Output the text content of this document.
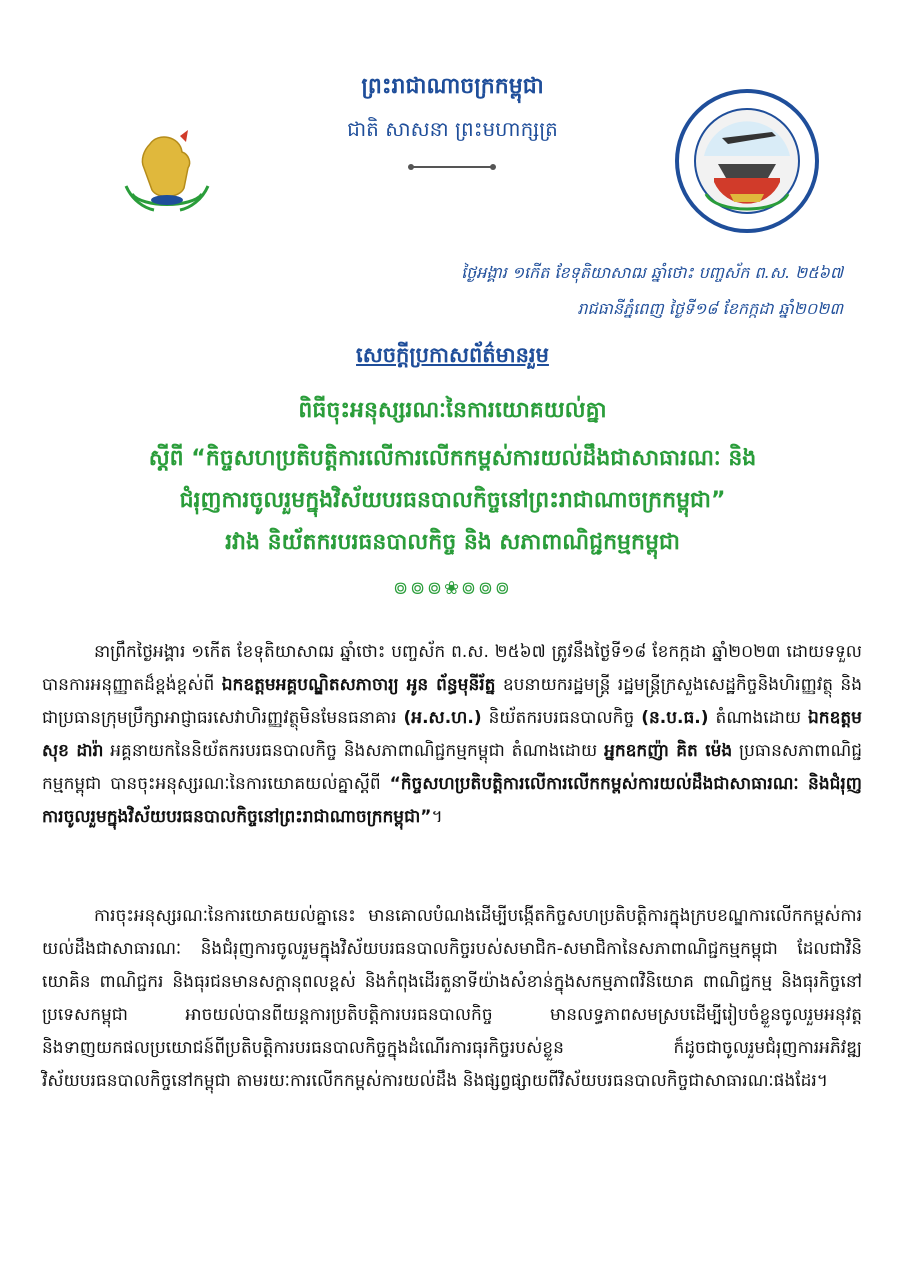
ព្រះរាជាណាចក្រកម្ពុជា
ជាតិ សាសនា ព្រះមហាក្សត្រ
ថ្ងៃអង្គារ ១កើត ខែទុតិយាសាឍ ឆ្នាំថោះ បញ្ចស័ក ព.ស. ២៥៦៧
រាជធានីភ្នំពេញ ថ្ងៃទី១៨ ខែកក្កដា ឆ្នាំ២០២៣
សេចក្តីប្រកាសព័ត៌មានរួម
ពិធីចុះអនុស្សរណៈនៃការយោគយល់គ្នា
ស្តីពី “កិច្ចសហប្រតិបត្តិការលើការលើកកម្ពស់ការយល់ដឹងជាសាធារណៈ និង
ជំរុញការចូលរួមក្នុងវិស័យបរធនបាលកិច្ចនៅព្រះរាជាណាចក្រកម្ពុជា”
រវាង និយ័តករបរធនបាលកិច្ច និង សភាពាណិជ្ជកម្មកម្ពុជា
៙៙៙❀៙៙៙
នាព្រឹកថ្ងៃអង្គារ ១កើត ខែទុតិយាសាឍ ឆ្នាំថោះ បញ្ចស័ក ព.ស. ២៥៦៧ ត្រូវនឹងថ្ងៃទី១៨ ខែកក្កដា ឆ្នាំ២០២៣ ដោយទទួលបានការអនុញ្ញាតដ៏ខ្ពង់ខ្ពស់ពី ឯកឧត្តមអគ្គបណ្ឌិតសភាចារ្យ អូន ព័ន្ធមុនីរ័ត្ន ឧបនាយករដ្ឋមន្ត្រី រដ្ឋមន្ត្រីក្រសួងសេដ្ឋកិច្ចនិងហិរញ្ញវត្ថុ និងជាប្រធានក្រុមប្រឹក្សាអាជ្ញាធរសេវាហិរញ្ញវត្ថុមិនមែនធនាគារ (អ.ស.ហ.) និយ័តករបរធនបាលកិច្ច (ន.ប.ធ.) តំណាងដោយ ឯកឧត្តម សុខ ដារ៉ា អគ្គនាយកនៃនិយ័តករបរធនបាលកិច្ច និងសភាពាណិជ្ជកម្មកម្ពុជា តំណាងដោយ អ្នកឧកញ៉ា គិត ម៉េង ប្រធានសភាពាណិជ្ជកម្មកម្ពុជា បានចុះអនុស្សរណៈនៃការយោគយល់គ្នាស្តីពី “កិច្ចសហប្រតិបត្តិការលើការលើកកម្ពស់ការយល់ដឹងជាសាធារណៈ និងជំរុញការចូលរួមក្នុងវិស័យបរធនបាលកិច្ចនៅព្រះរាជាណាចក្រកម្ពុជា”។
ការចុះអនុស្សរណៈនៃការយោគយល់គ្នានេះ មានគោលបំណងដើម្បីបង្កើតកិច្ចសហប្រតិបត្តិការក្នុងក្របខណ្ឌការលើកកម្ពស់ការយល់ដឹងជាសាធារណៈ និងជំរុញការចូលរួមក្នុងវិស័យបរធនបាលកិច្ចរបស់សមាជិក-សមាជិកានៃសភាពាណិជ្ជកម្មកម្ពុជា ដែលជាវិនិយោគិន ពាណិជ្ជករ និងធុរជនមានសក្តានុពលខ្ពស់ និងកំពុងដើរតួនាទីយ៉ាងសំខាន់ក្នុងសកម្មភាពវិនិយោគ ពាណិជ្ជកម្ម និងធុរកិច្ចនៅប្រទេសកម្ពុជា អាចយល់បានពីយន្តការប្រតិបត្តិការបរធនបាលកិច្ច មានលទ្ធភាពសមស្របដើម្បីរៀបចំខ្លួនចូលរួមអនុវត្ត និងទាញយកផលប្រយោជន៍ពីប្រតិបត្តិការបរធនបាលកិច្ចក្នុងដំណើរការធុរកិច្ចរបស់ខ្លួន ក៏ដូចជាចូលរួមជំរុញការអភិវឌ្ឍវិស័យបរធនបាលកិច្ចនៅកម្ពុជា តាមរយៈការលើកកម្ពស់ការយល់ដឹង និងផ្សព្វផ្សាយពីវិស័យបរធនបាលកិច្ចជាសាធារណៈផងដែរ។
